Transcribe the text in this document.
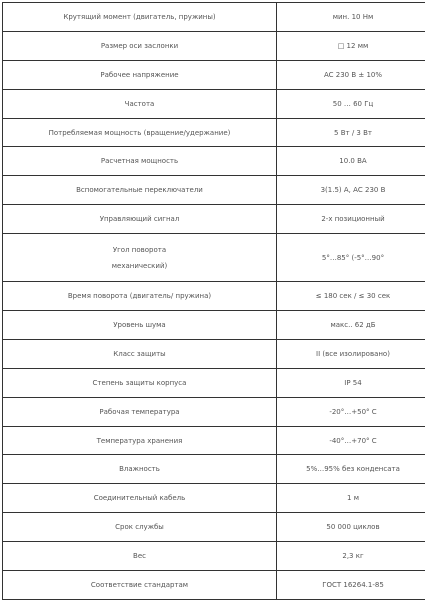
Крутящий момент (двигатель, пружины)	мин. 10 Нм
Размер оси заслонки	□ 12 мм
Рабочее напряжение	AC 230 В ± 10%
Частота	50 … 60 Гц
Потребляемая мощность (вращение/удержание)	5 Вт / 3 Вт
Расчетная мощность	10.0 ВА
Вспомогательные переключатели	3(1.5) А, АС 230 В
Управляющий сигнал	2-х позиционный

Угол поворота
механический)	5°…85° (-5°…90°
Время поворота (двигатель/ пружина)	≤ 180 сек / ≤ 30 сек
Уровень шума	макс.. 62 дБ
Класс защиты	II (все изолировано)
Степень защиты корпуса	IP 54
Рабочая температура	-20°…+50° С
Температура хранения	-40°…+70° С
Влажность	5%…95% без конденсата
Соединительный кабель	1 м
Срок службы	50 000 циклов
Вес	2,3 кг
Соответствие стандартам	ГОСТ 16264.1-85
